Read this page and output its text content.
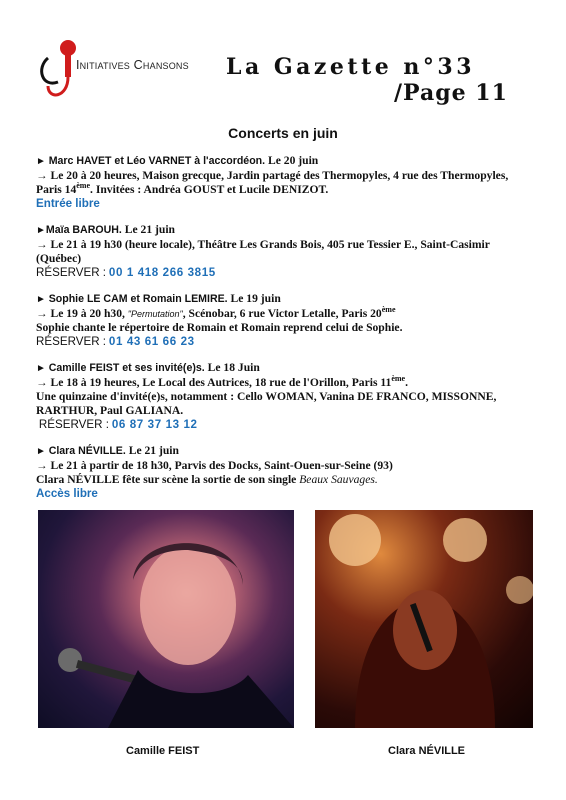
Initiatives Chansons La Gazette n°33
/Page 11
Concerts en juin
► Marc HAVET et Léo VARNET à l'accordéon. Le 20 juin
→ Le 20 à 20 heures, Maison grecque, Jardin partagé des Thermopyles, 4 rue des Thermopyles, Paris 14ème. Invitées : Andréa GOUST et Lucile DENIZOT.
Entrée libre
►Maïa BAROUH. Le 21 juin
→ Le 21 à 19 h30 (heure locale), Théâtre Les Grands Bois, 405 rue Tessier E., Saint-Casimir (Québec)
RÉSERVER : 00 1 418 266 3815
► Sophie LE CAM et Romain LEMIRE. Le 19 juin
→ Le 19 à 20 h30, "Permutation", Scénobar, 6 rue Victor Letalle, Paris 20ème
Sophie chante le répertoire de Romain et Romain reprend celui de Sophie.
RÉSERVER : 01 43 61 66 23
► Camille FEIST et ses invité(e)s. Le 18 Juin
→ Le 18 à 19 heures, Le Local des Autrices, 18 rue de l'Orillon, Paris 11ème.
Une quinzaine d'invité(e)s, notamment : Cello WOMAN, Vanina DE FRANCO, MISSONNE, RARTHUR, Paul GALIANA.
RÉSERVER : 06 87 37 13 12
► Clara NÉVILLE. Le 21 juin
→ Le 21 à partir de 18 h30, Parvis des Docks, Saint-Ouen-sur-Seine (93)
Clara NÉVILLE fête sur scène la sortie de son single Beaux Sauvages.
Accès libre
Camille FEIST	Clara NÉVILLE
